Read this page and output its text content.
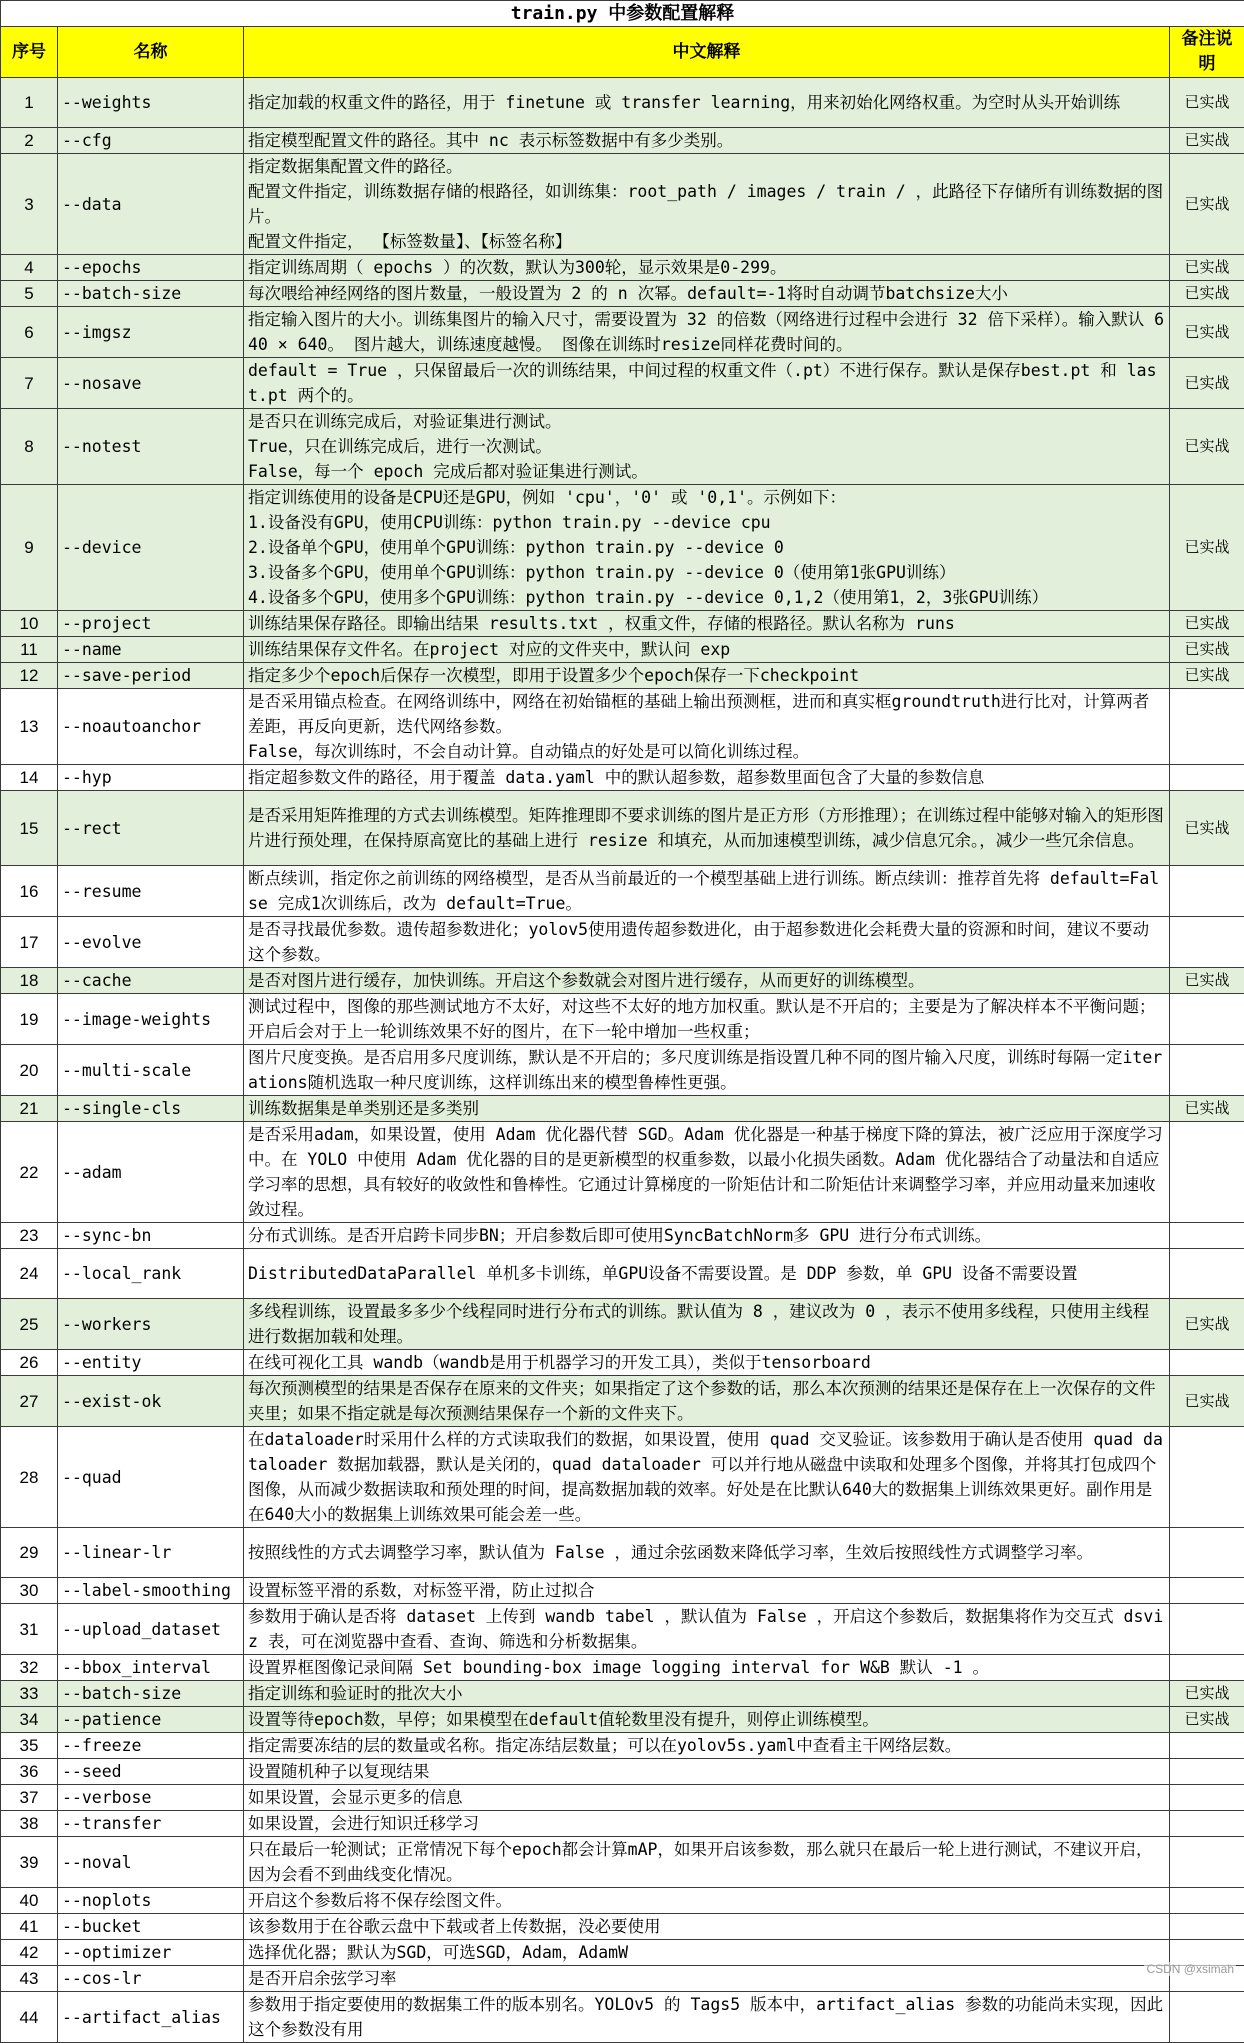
train.py 中参数配置解释			
序号	名称	中文解释	备注说明
1	--weights	指定加载的权重文件的路径，用于 finetune 或 transfer learning，用来初始化网络权重。为空时从头开始训练	已实战
2	--cfg	指定模型配置文件的路径。其中 nc 表示标签数据中有多少类别。	已实战
3	--data	指定数据集配置文件的路径。
配置文件指定，训练数据存储的根路径，如训练集：root_path / images / train / ，此路径下存储所有训练数据的图片。
配置文件指定， 【标签数量】、【标签名称】	已实战
4	--epochs	指定训练周期（ epochs ）的次数，默认为300轮，显示效果是0-299。	已实战
5	--batch-size	每次喂给神经网络的图片数量，一般设置为 2 的 n 次幂。default=-1将时自动调节batchsize大小	已实战
6	--imgsz	指定输入图片的大小。训练集图片的输入尺寸，需要设置为 32 的倍数（网络进行过程中会进行 32 倍下采样）。输入默认 640 × 640。 图片越大，训练速度越慢。 图像在训练时resize同样花费时间的。	已实战
7	--nosave	default = True ，只保留最后一次的训练结果，中间过程的权重文件（.pt）不进行保存。默认是保存best.pt 和 last.pt 两个的。	已实战
8	--notest	是否只在训练完成后，对验证集进行测试。
True，只在训练完成后，进行一次测试。
False，每一个 epoch 完成后都对验证集进行测试。	已实战
9	--device	指定训练使用的设备是CPU还是GPU，例如 'cpu'，'0' 或 '0,1'。示例如下：
1.设备没有GPU，使用CPU训练：python train.py --device cpu
2.设备单个GPU，使用单个GPU训练：python train.py --device 0
3.设备多个GPU，使用单个GPU训练：python train.py --device 0（使用第1张GPU训练）
4.设备多个GPU，使用多个GPU训练：python train.py --device 0,1,2（使用第1，2，3张GPU训练）	已实战
10	--project	训练结果保存路径。即输出结果 results.txt ，权重文件，存储的根路径。默认名称为 runs	已实战
11	--name	训练结果保存文件名。在project 对应的文件夹中，默认问 exp	已实战
12	--save-period	指定多少个epoch后保存一次模型，即用于设置多少个epoch保存一下checkpoint	已实战
13	--noautoanchor	是否采用锚点检查。在网络训练中，网络在初始锚框的基础上输出预测框，进而和真实框groundtruth进行比对，计算两者差距，再反向更新，迭代网络参数。
False，每次训练时，不会自动计算。自动锚点的好处是可以简化训练过程。	
14	--hyp	指定超参数文件的路径，用于覆盖 data.yaml 中的默认超参数，超参数里面包含了大量的参数信息	
15	--rect	是否采用矩阵推理的方式去训练模型。矩阵推理即不要求训练的图片是正方形（方形推理）；在训练过程中能够对输入的矩形图片进行预处理，在保持原高宽比的基础上进行 resize 和填充，从而加速模型训练，减少信息冗余。，减少一些冗余信息。	已实战
16	--resume	断点续训，指定你之前训练的网络模型，是否从当前最近的一个模型基础上进行训练。断点续训：推荐首先将 default=False 完成1次训练后，改为 default=True。	
17	--evolve	是否寻找最优参数。遗传超参数进化；yolov5使用遗传超参数进化，由于超参数进化会耗费大量的资源和时间，建议不要动这个参数。	
18	--cache	是否对图片进行缓存，加快训练。开启这个参数就会对图片进行缓存，从而更好的训练模型。	已实战
19	--image-weights	测试过程中，图像的那些测试地方不太好，对这些不太好的地方加权重。默认是不开启的；主要是为了解决样本不平衡问题；开启后会对于上一轮训练效果不好的图片，在下一轮中增加一些权重；	
20	--multi-scale	图片尺度变换。是否启用多尺度训练，默认是不开启的；多尺度训练是指设置几种不同的图片输入尺度，训练时每隔一定iterations随机选取一种尺度训练，这样训练出来的模型鲁棒性更强。	
21	--single-cls	训练数据集是单类别还是多类别	已实战
22	--adam	是否采用adam，如果设置，使用 Adam 优化器代替 SGD。Adam 优化器是一种基于梯度下降的算法，被广泛应用于深度学习中。在 YOLO 中使用 Adam 优化器的目的是更新模型的权重参数，以最小化损失函数。Adam 优化器结合了动量法和自适应学习率的思想，具有较好的收敛性和鲁棒性。它通过计算梯度的一阶矩估计和二阶矩估计来调整学习率，并应用动量来加速收敛过程。	
23	--sync-bn	分布式训练。是否开启跨卡同步BN；开启参数后即可使用SyncBatchNorm多 GPU 进行分布式训练。	
24	--local_rank	DistributedDataParallel 单机多卡训练，单GPU设备不需要设置。是 DDP 参数，单 GPU 设备不需要设置	
25	--workers	多线程训练，设置最多多少个线程同时进行分布式的训练。默认值为 8 ，建议改为 0 ，表示不使用多线程，只使用主线程进行数据加载和处理。	已实战
26	--entity	在线可视化工具 wandb（wandb是用于机器学习的开发工具），类似于tensorboard	
27	--exist-ok	每次预测模型的结果是否保存在原来的文件夹；如果指定了这个参数的话，那么本次预测的结果还是保存在上一次保存的文件夹里；如果不指定就是每次预测结果保存一个新的文件夹下。	已实战
28	--quad	在dataloader时采用什么样的方式读取我们的数据，如果设置，使用 quad 交叉验证。该参数用于确认是否使用 quad dataloader 数据加载器，默认是关闭的，quad dataloader 可以并行地从磁盘中读取和处理多个图像，并将其打包成四个图像，从而减少数据读取和预处理的时间，提高数据加载的效率。好处是在比默认640大的数据集上训练效果更好。副作用是在640大小的数据集上训练效果可能会差一些。	
29	--linear-lr	按照线性的方式去调整学习率，默认值为 False ，通过余弦函数来降低学习率，生效后按照线性方式调整学习率。	
30	--label-smoothing	设置标签平滑的系数，对标签平滑，防止过拟合	
31	--upload_dataset	参数用于确认是否将 dataset 上传到 wandb tabel ，默认值为 False ，开启这个参数后，数据集将作为交互式 dsviz 表，可在浏览器中查看、查询、筛选和分析数据集。	
32	--bbox_interval	设置界框图像记录间隔 Set bounding-box image logging interval for W&B 默认 -1 。	
33	--batch-size	指定训练和验证时的批次大小	已实战
34	--patience	设置等待epoch数，早停；如果模型在default值轮数里没有提升，则停止训练模型。	已实战
35	--freeze	指定需要冻结的层的数量或名称。指定冻结层数量；可以在yolov5s.yaml中查看主干网络层数。	
36	--seed	设置随机种子以复现结果	
37	--verbose	如果设置，会显示更多的信息	
38	--transfer	如果设置，会进行知识迁移学习	
39	--noval	只在最后一轮测试；正常情况下每个epoch都会计算mAP，如果开启该参数，那么就只在最后一轮上进行测试，不建议开启，因为会看不到曲线变化情况。	
40	--noplots	开启这个参数后将不保存绘图文件。	
41	--bucket	该参数用于在谷歌云盘中下载或者上传数据，没必要使用	
42	--optimizer	选择优化器；默认为SGD，可选SGD，Adam，AdamW	
43	--cos-lr	是否开启余弦学习率	
44	--artifact_alias	参数用于指定要使用的数据集工件的版本别名。YOLOv5 的 Tags5 版本中，artifact_alias 参数的功能尚未实现，因此这个参数没有用	
CSDN @xsimah
